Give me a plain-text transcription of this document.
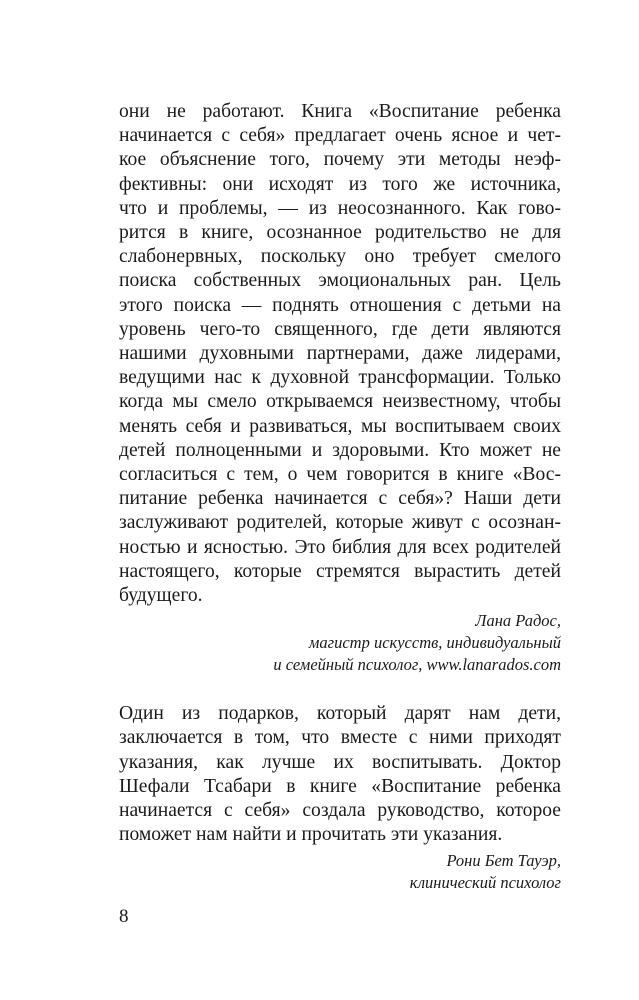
они не работают. Книга «Воспитание ребенка
начинается с себя» предлагает очень ясное и чет-
кое объяснение того, почему эти методы неэф-
фективны: они исходят из того же источника,
что и проблемы, — из неосознанного. Как гово-
рится в книге, осознанное родительство не для
слабонервных, поскольку оно требует смелого
поиска собственных эмоциональных ран. Цель
этого поиска — поднять отношения с детьми на
уровень чего-то священного, где дети являются
нашими духовными партнерами, даже лидерами,
ведущими нас к духовной трансформации. Только
когда мы смело открываемся неизвестному, чтобы
менять себя и развиваться, мы воспитываем своих
детей полноценными и здоровыми. Кто может не
согласиться с тем, о чем говорится в книге «Вос-
питание ребенка начинается с себя»? Наши дети
заслуживают родителей, которые живут с осознан-
ностью и ясностью. Это библия для всех родителей
настоящего, которые стремятся вырастить детей
будущего.

Лана Радос,
магистр искусств, индивидуальный
и семейный психолог, www.lanarados.com

Один из подарков, который дарят нам дети,
заключается в том, что вместе с ними приходят
указания, как лучше их воспитывать. Доктор
Шефали Тсабари в книге «Воспитание ребенка
начинается с себя» создала руководство, которое
поможет нам найти и прочитать эти указания.

Рони Бет Тауэр,
клинический психолог

8
